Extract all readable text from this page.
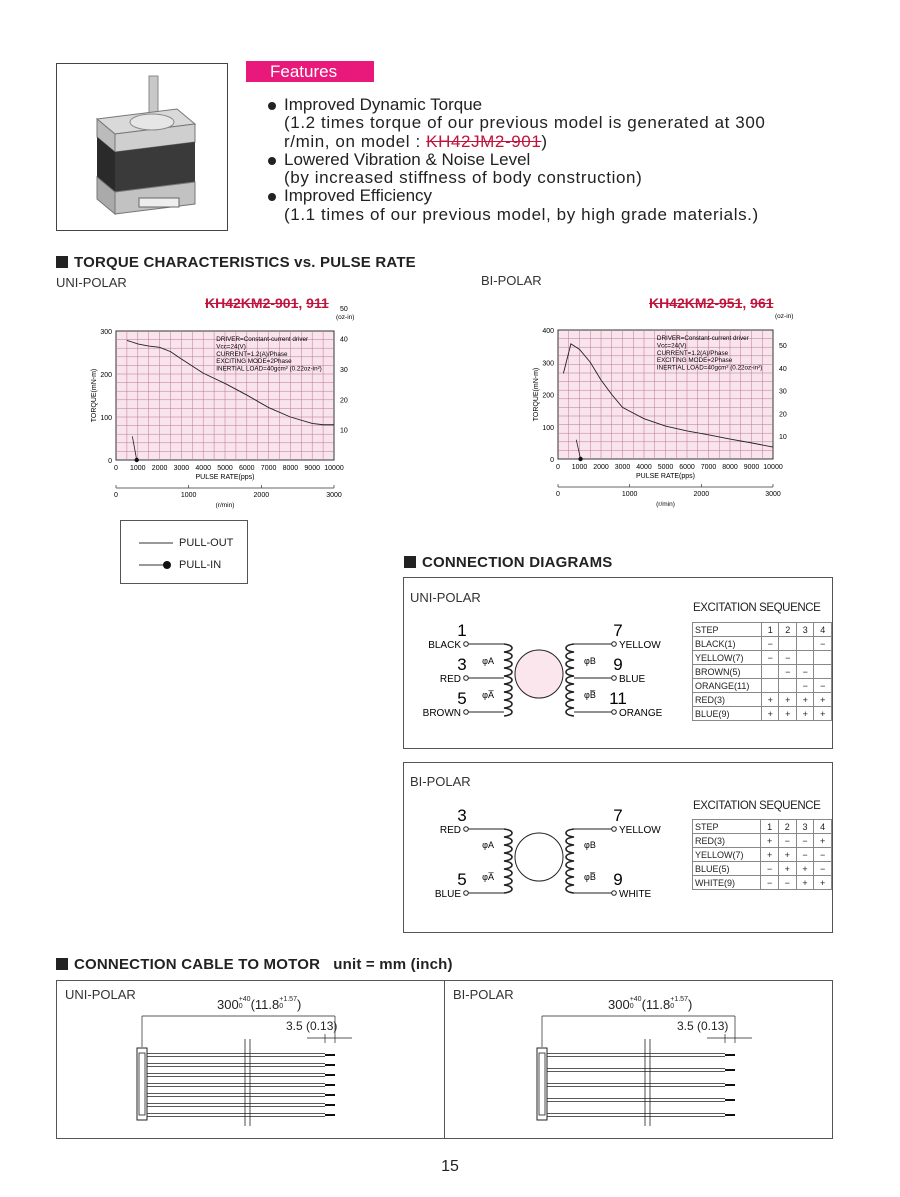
Features
Improved Dynamic Torque
(1.2 times torque of our previous model is generated at 300
r/min, on model : KH42JM2-901)
Lowered Vibration & Noise Level
(by increased stiffness of body construction)
Improved Efficiency
(1.1 times of our previous model, by high grade materials.)
TORQUE CHARACTERISTICS vs. PULSE RATE
UNI-POLAR	BI-POLAR
KH42KM2-901, 911	KH42KM2-951, 961
0 1000 2000 3000 4000 5000 6000 7000 8000 9000 10000
0
100
200
300
10
20
30
40
50
(oz-in)
PULSE RATE(pps)
TORQUE(mN-m)
0	1000	2000	3000
(r/min)
DRIVER=Constant-current driver
Vcc=24(V)
CURRENT=1.2(A)/Phase
EXCITING MODE=2Phase
INERTIAL LOAD=40gcm² (0.22oz-in²)
0 1000 2000 3000 4000 5000 6000 7000 8000 9000 10000
0
100
200
300
400
10
20
30
40
50
(oz-in)
PULSE RATE(pps)
TORQUE(mN-m)
0	1000	2000	3000
(r/min)
DRIVER=Constant-current driver
Vcc=24(V)
CURRENT=1.2(A)/Phase
EXCITING MODE=2Phase
INERTIAL LOAD=40gcm² (0.22oz-in²)
PULL-OUT
PULL-IN	CONNECTION DIAGRAMS
UNI-POLAR
EXCITATION SEQUENCE
1
BLACK
7
YELLOW
3
RED
9
BLUE
5
BROWN
11
ORANGE
φA
φA̅
φB
φB̅
STEP	1	2	3	4
BLACK(1)	−			−
YELLOW(7)	−	−		
BROWN(5)		−	−	
ORANGE(11)			−	−
RED(3)	+	+	+	+
BLUE(9)	+	+	+	+
BI-POLAR
EXCITATION SEQUENCE
3
RED
7
YELLOW
5
BLUE
9
WHITE
φA
φA̅
φB
φB̅
STEP	1	2	3	4
RED(3)	+	−	−	+
YELLOW(7)	+	+	−	−
BLUE(5)	−	+	+	−
WHITE(9)	−	−	+	+
CONNECTION CABLE TO MOTOR unit = mm (inch)
UNI-POLAR	BI-POLAR
300 +40
0 (11.8 +1.57
0	)
3.5 (0.13)
300 +40
0 (11.8 +1.57
0	)
3.5 (0.13)
15
